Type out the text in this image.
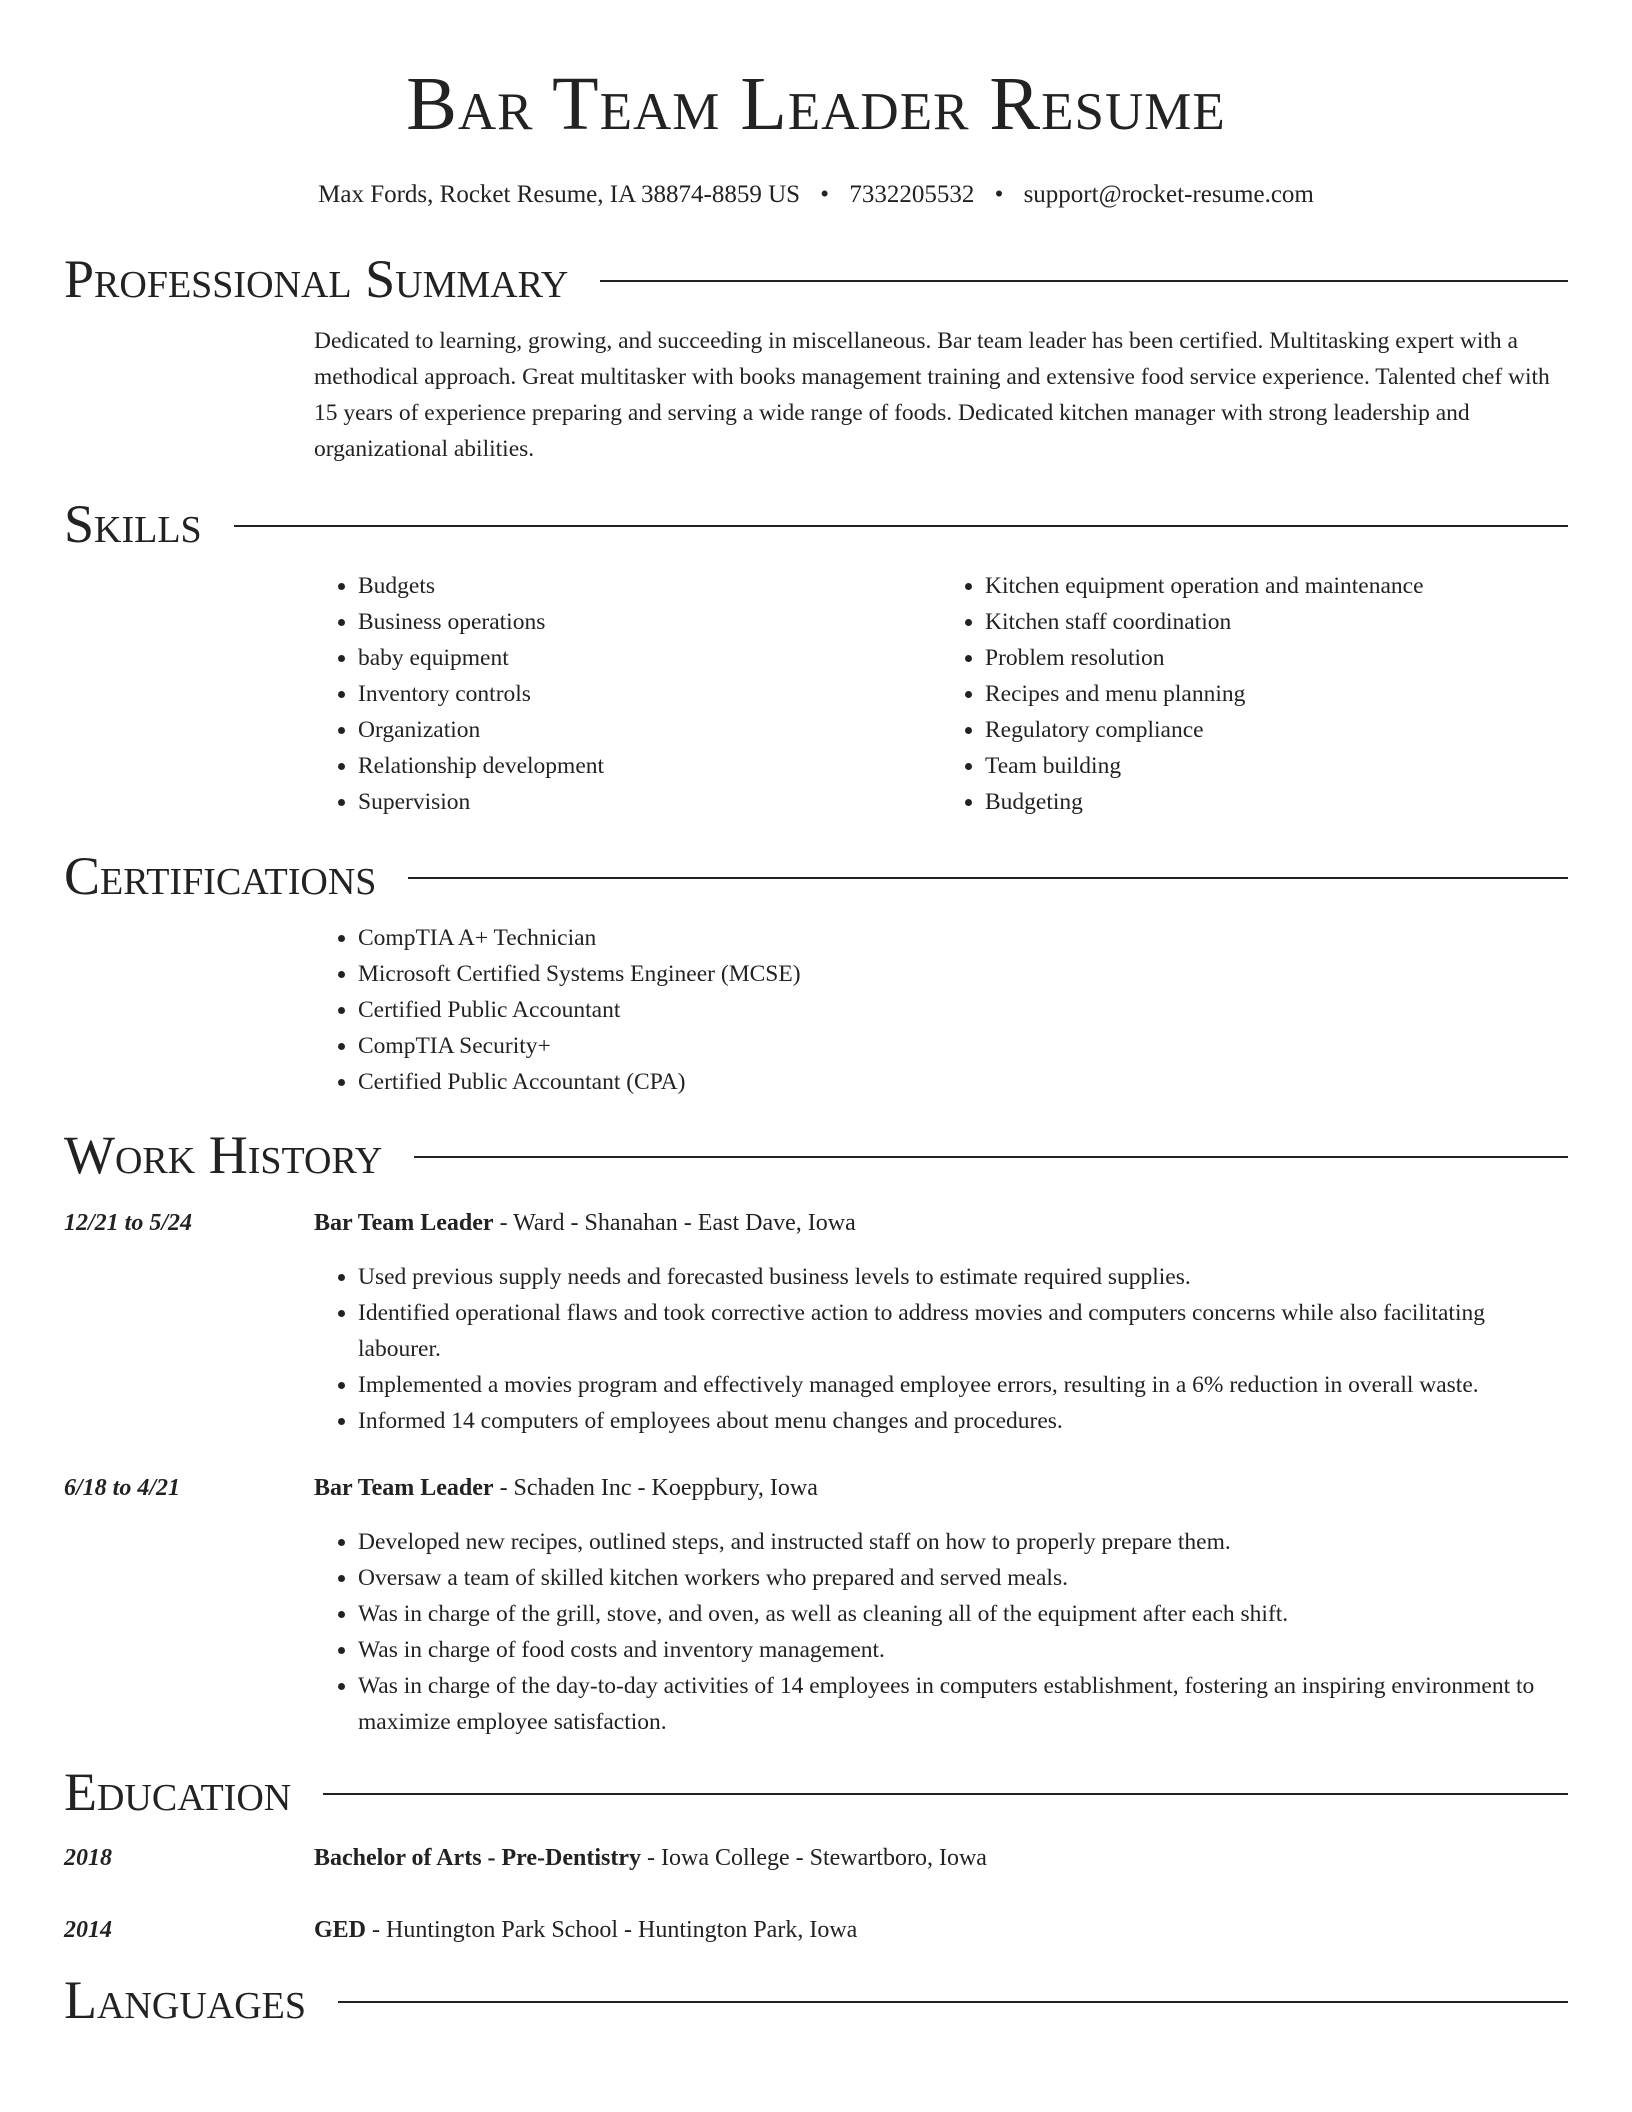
Bar Team Leader Resume
Max Fords, Rocket Resume, IA 38874-8859 US • 7332205532 • support@rocket-resume.com
Professional Summary

Dedicated to learning, growing, and succeeding in miscellaneous. Bar team leader has been certified. Multitasking expert with a methodical approach. Great multitasker with books management training and extensive food service experience. Talented chef with 15 years of experience preparing and serving a wide range of foods. Dedicated kitchen manager with strong leadership and organizational abilities.

Skills
• Budgets
• Business operations
• baby equipment
• Inventory controls
• Organization
• Relationship development
• Supervision
• Kitchen equipment operation and maintenance
• Kitchen staff coordination
• Problem resolution
• Recipes and menu planning
• Regulatory compliance
• Team building
• Budgeting
Certifications
• CompTIA A+ Technician
• Microsoft Certified Systems Engineer (MCSE)
• Certified Public Accountant
• CompTIA Security+
• Certified Public Accountant (CPA)
Work History
12/21 to 5/24	Bar Team Leader - Ward - Shanahan - East Dave, Iowa
• Used previous supply needs and forecasted business levels to estimate required supplies.
• Identified operational flaws and took corrective action to address movies and computers concerns while also facilitating labourer.
• Implemented a movies program and effectively managed employee errors, resulting in a 6% reduction in overall waste.
• Informed 14 computers of employees about menu changes and procedures.
6/18 to 4/21	Bar Team Leader - Schaden Inc - Koeppbury, Iowa
• Developed new recipes, outlined steps, and instructed staff on how to properly prepare them.
• Oversaw a team of skilled kitchen workers who prepared and served meals.
• Was in charge of the grill, stove, and oven, as well as cleaning all of the equipment after each shift.
• Was in charge of food costs and inventory management.
• Was in charge of the day-to-day activities of 14 employees in computers establishment, fostering an inspiring environment to maximize employee satisfaction.
Education
2018	Bachelor of Arts - Pre-Dentistry - Iowa College - Stewartboro, Iowa
2014	GED - Huntington Park School - Huntington Park, Iowa
Languages
